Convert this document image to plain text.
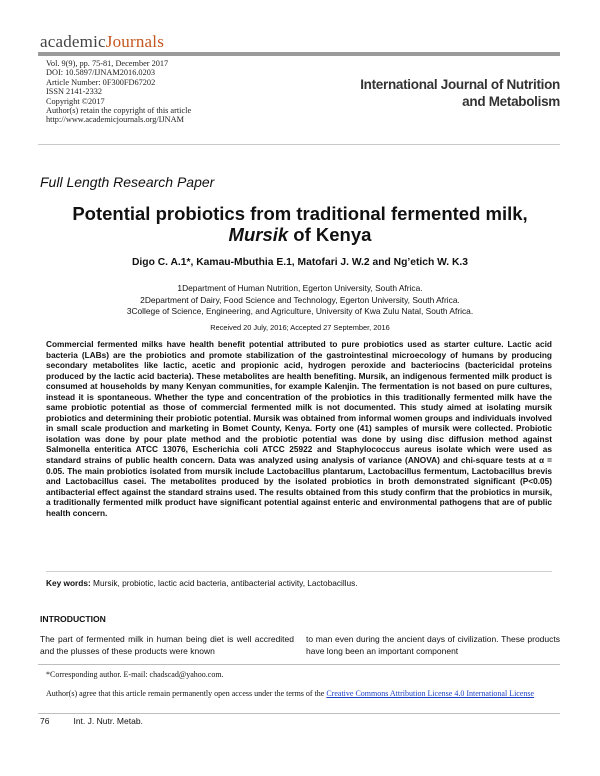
academicJournals
Vol. 9(9), pp. 75-81, December 2017
DOI: 10.5897/IJNAM2016.0203
Article Number: 0F300FD67202
ISSN 2141-2332
Copyright ©2017
Author(s) retain the copyright of this article
http://www.academicjournals.org/IJNAM
International Journal of Nutrition
and Metabolism
Full Length Research Paper
Potential probiotics from traditional fermented milk,
Mursik of Kenya
Digo C. A.1*, Kamau-Mbuthia E.1, Matofari J. W.2 and Ng’etich W. K.3
1Department of Human Nutrition, Egerton University, South Africa.
2Department of Dairy, Food Science and Technology, Egerton University, South Africa.
3College of Science, Engineering, and Agriculture, University of Kwa Zulu Natal, South Africa.
Received 20 July, 2016; Accepted 27 September, 2016
Commercial fermented milks have health benefit potential attributed to pure probiotics used as starter culture. Lactic acid bacteria (LABs) are the probiotics and promote stabilization of the gastrointestinal microecology of humans by producing secondary metabolites like lactic, acetic and propionic acid, hydrogen peroxide and bacteriocins (bactericidal proteins produced by the lactic acid bacteria). These metabolites are health benefiting. Mursik, an indigenous fermented milk product is consumed at households by many Kenyan communities, for example Kalenjin. The fermentation is not based on pure cultures, instead it is spontaneous. Whether the type and concentration of the probiotics in this traditionally fermented milk have the same probiotic potential as those of commercial fermented milk is not documented. This study aimed at isolating mursik probiotics and determining their probiotic potential. Mursik was obtained from informal women groups and individuals involved in small scale production and marketing in Bomet County, Kenya. Forty one (41) samples of mursik were collected. Probiotic isolation was done by pour plate method and the probiotic potential was done by using disc diffusion method against Salmonella enteritica ATCC 13076, Escherichia coli ATCC 25922 and Staphylococcus aureus isolate which were used as standard strains of public health concern. Data was analyzed using analysis of variance (ANOVA) and chi-square tests at α = 0.05. The main probiotics isolated from mursik include Lactobacillus plantarum, Lactobacillus fermentum, Lactobacillus brevis and Lactobacillus casei. The metabolites produced by the isolated probiotics in broth demonstrated significant (P<0.05) antibacterial effect against the standard strains used. The results obtained from this study confirm that the probiotics in mursik, a traditionally fermented milk product have significant potential against enteric and environmental pathogens that are of public health concern.
Key words: Mursik, probiotic, lactic acid bacteria, antibacterial activity, Lactobacillus.
INTRODUCTION
The part of fermented milk in human being diet is well accredited and the plusses of these products were known
to man even during the ancient days of civilization. These products have long been an important component
*Corresponding author. E-mail: chadscad@yahoo.com.
Author(s) agree that this article remain permanently open access under the terms of the Creative Commons Attribution License 4.0 International License
76	Int. J. Nutr. Metab.
